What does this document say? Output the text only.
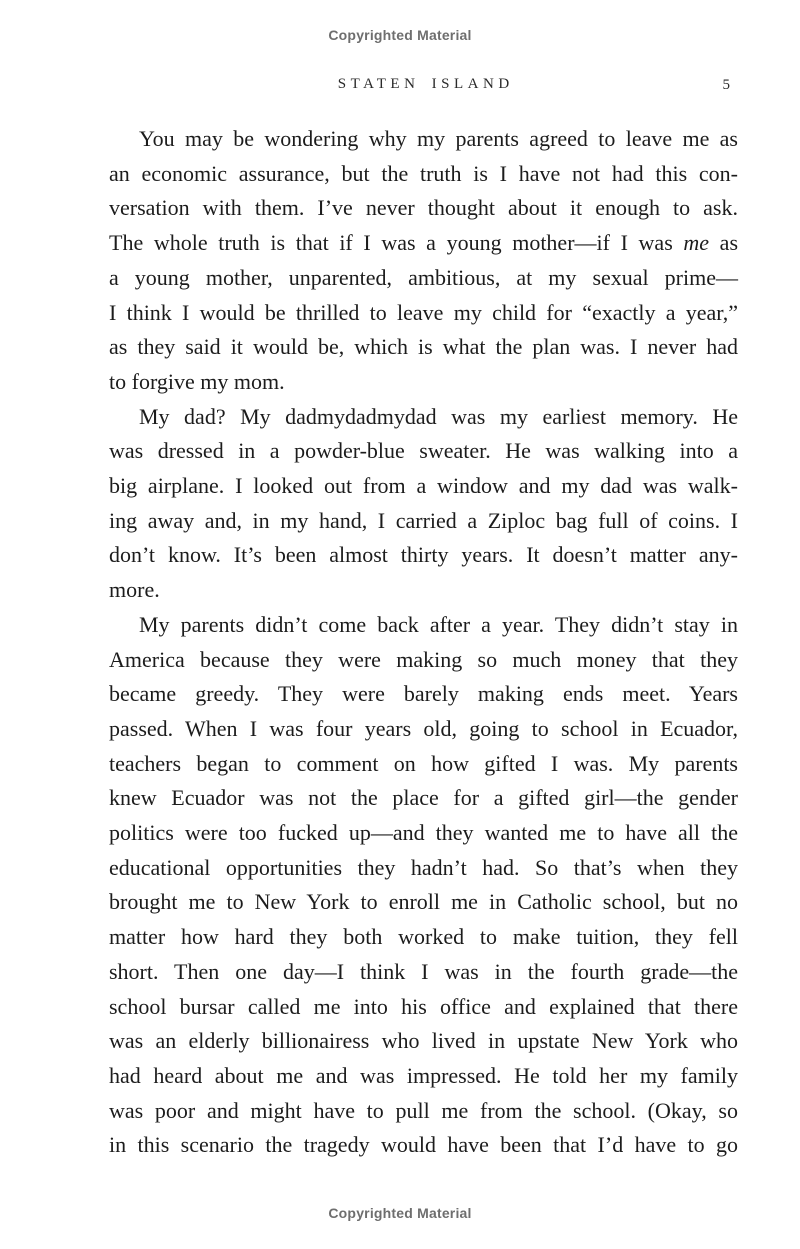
Copyrighted Material
STATEN ISLAND	5

You may be wondering why my parents agreed to leave me as
an economic assurance, but the truth is I have not had this con-
versation with them. I’ve never thought about it enough to ask.
The whole truth is that if I was a young mother—if I was me as
a young mother, unparented, ambitious, at my sexual prime—
I think I would be thrilled to leave my child for “exactly a year,”
as they said it would be, which is what the plan was. I never had
to forgive my mom.

My dad? My dadmydadmydad was my earliest memory. He
was dressed in a powder-blue sweater. He was walking into a
big airplane. I looked out from a window and my dad was walk-
ing away and, in my hand, I carried a Ziploc bag full of coins. I
don’t know. It’s been almost thirty years. It doesn’t matter any-
more.

My parents didn’t come back after a year. They didn’t stay in
America because they were making so much money that they
became greedy. They were barely making ends meet. Years
passed. When I was four years old, going to school in Ecuador,
teachers began to comment on how gifted I was. My parents
knew Ecuador was not the place for a gifted girl—the gender
politics were too fucked up—and they wanted me to have all the
educational opportunities they hadn’t had. So that’s when they
brought me to New York to enroll me in Catholic school, but no
matter how hard they both worked to make tuition, they fell
short. Then one day—I think I was in the fourth grade—the
school bursar called me into his office and explained that there
was an elderly billionairess who lived in upstate New York who
had heard about me and was impressed. He told her my family
was poor and might have to pull me from the school. (Okay, so
in this scenario the tragedy would have been that I’d have to go

Copyrighted Material
